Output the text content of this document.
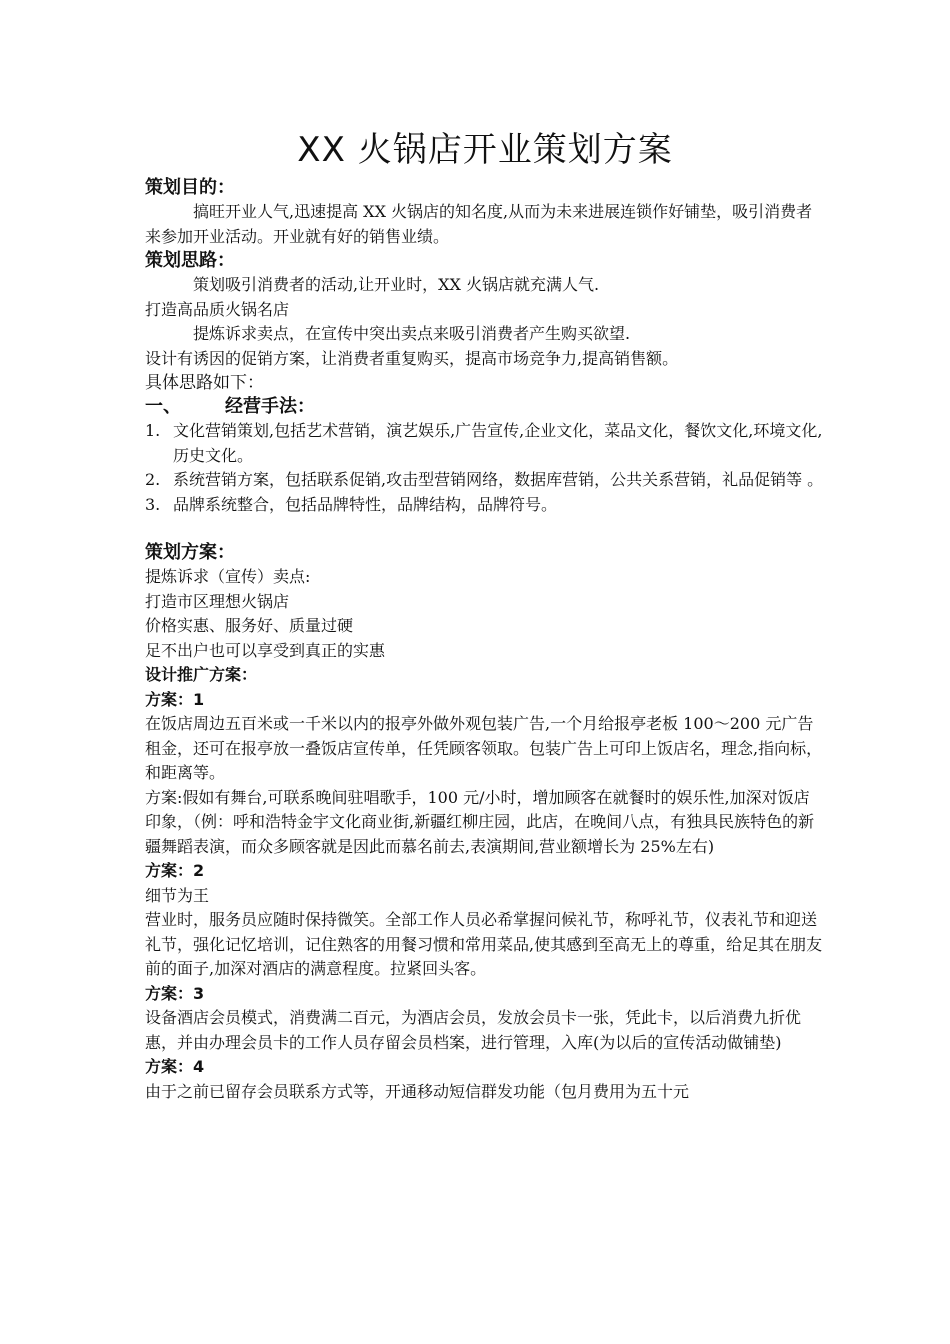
XX 火锅店开业策划方案
策划目的：

搞旺开业人气,迅速提高 XX 火锅店的知名度,从而为未来进展连锁作好铺垫，吸引消费者来参加开业活动。开业就有好的销售业绩。

策划思路：

策划吸引消费者的活动,让开业时，XX 火锅店就充满人气.

打造高品质火锅名店

提炼诉求卖点，在宣传中突出卖点来吸引消费者产生购买欲望.

设计有诱因的促销方案，让消费者重复购买，提高市场竞争力,提高销售额。

具体思路如下：
一、 经营手法：
1. 文化营销策划,包括艺术营销，演艺娱乐,广告宣传,企业文化，菜品文化，餐饮文化,环境文化,历史文化。
2. 系统营销方案，包括联系促销,攻击型营销网络，数据库营销，公共关系营销，礼品促销等 。
3. 品牌系统整合，包括品牌特性，品牌结构，品牌符号。
策划方案：

提炼诉求（宣传）卖点:

打造市区理想火锅店

价格实惠、服务好、质量过硬

足不出户也可以享受到真正的实惠

设计推广方案：
方案：1

在饭店周边五百米或一千米以内的报亭外做外观包装广告,一个月给报亭老板 100～200 元广告租金，还可在报亭放一叠饭店宣传单，任凭顾客领取。包装广告上可印上饭店名，理念,指向标，和距离等。

方案:假如有舞台,可联系晚间驻唱歌手，100 元/小时，增加顾客在就餐时的娱乐性,加深对饭店印象，（例：呼和浩特金宇文化商业街,新疆红柳庄园，此店，在晚间八点，有独具民族特色的新疆舞蹈表演，而众多顾客就是因此而慕名前去,表演期间,营业额增长为 25%左右)

方案：2

细节为王

营业时，服务员应随时保持微笑。全部工作人员必希掌握问候礼节，称呼礼节，仪表礼节和迎送礼节，强化记忆培训，记住熟客的用餐习惯和常用菜品,使其感到至高无上的尊重，给足其在朋友前的面子,加深对酒店的满意程度。拉紧回头客。

方案：3

设备酒店会员模式，消费满二百元，为酒店会员，发放会员卡一张，凭此卡，以后消费九折优惠，并由办理会员卡的工作人员存留会员档案，进行管理，入库(为以后的宣传活动做铺垫)

方案：4

由于之前已留存会员联系方式等，开通移动短信群发功能（包月费用为五十元
